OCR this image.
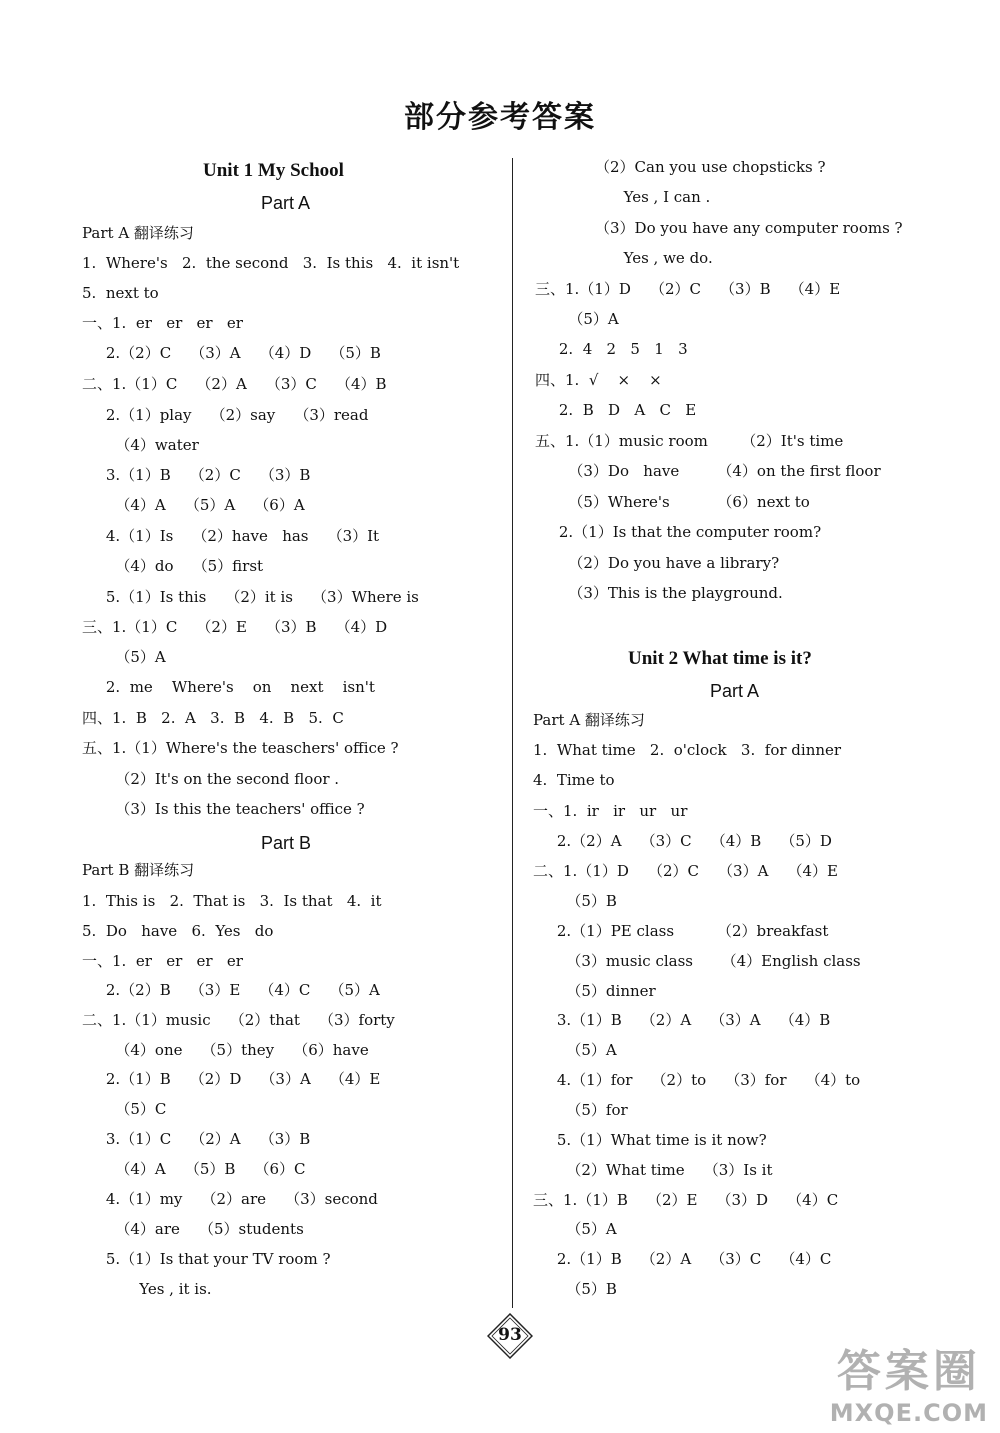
部分参考答案
Unit 1 My School
Part A
Part B
Part A 翻译练习
1.  Where's   2.  the second   3.  Is this   4.  it isn't
5.  next to
一、1.  er   er   er   er
2.（2）C    （3）A    （4）D    （5）B
二、1.（1）C    （2）A    （3）C    （4）B
2.（1）play    （2）say    （3）read
（4）water
3.（1）B    （2）C    （3）B
（4）A    （5）A    （6）A
4.（1）Is    （2）have   has    （3）It
（4）do    （5）first
5.（1）Is this    （2）it is    （3）Where is
三、1.（1）C    （2）E    （3）B    （4）D
（5）A
2.  me    Where's    on    next    isn't
四、1.  B   2.  A   3.  B   4.  B   5.  C
五、1.（1）Where's the teaschers' office ?
（2）It's on the second floor .
（3）Is this the teachers' office ?
Part B 翻译练习
1.  This is   2.  That is   3.  Is that   4.  it
5.  Do   have   6.  Yes   do
一、1.  er   er   er   er
2.（2）B    （3）E    （4）C    （5）A
二、1.（1）music    （2）that    （3）forty
（4）one    （5）they    （6）have
2.（1）B    （2）D    （3）A    （4）E
（5）C
3.（1）C    （2）A    （3）B
（4）A    （5）B    （6）C
4.（1）my    （2）are    （3）second
（4）are    （5）students
5.（1）Is that your TV room ?
Yes , it is.
（2）Can you use chopsticks ?
Yes , I can .
（3）Do you have any computer rooms ?
Yes , we do.
三、1.（1）D    （2）C    （3）B    （4）E
（5）A
2.  4   2   5   1   3
四、1.  √    ×    ×
2.  B   D   A   C   E
五、1.（1）music room       （2）It's time
（3）Do   have        （4）on the first floor
（5）Where's          （6）next to
2.（1）Is that the computer room?
（2）Do you have a library?
（3）This is the playground.
Unit 2 What time is it?
Part A
Part A 翻译练习
1.  What time   2.  o'clock   3.  for dinner
4.  Time to
一、1.  ir   ir   ur   ur
2.（2）A    （3）C    （4）B    （5）D
二、1.（1）D    （2）C    （3）A    （4）E
（5）B
2.（1）PE class         （2）breakfast
（3）music class      （4）English class
（5）dinner
3.（1）B    （2）A    （3）A    （4）B
（5）A
4.（1）for    （2）to    （3）for    （4）to
（5）for
5.（1）What time is it now?
（2）What time    （3）Is it
三、1.（1）B    （2）E    （3）D    （4）C
（5）A
2.（1）B    （2）A    （3）C    （4）C
（5）B
93
答案圈
MXQE.COM
